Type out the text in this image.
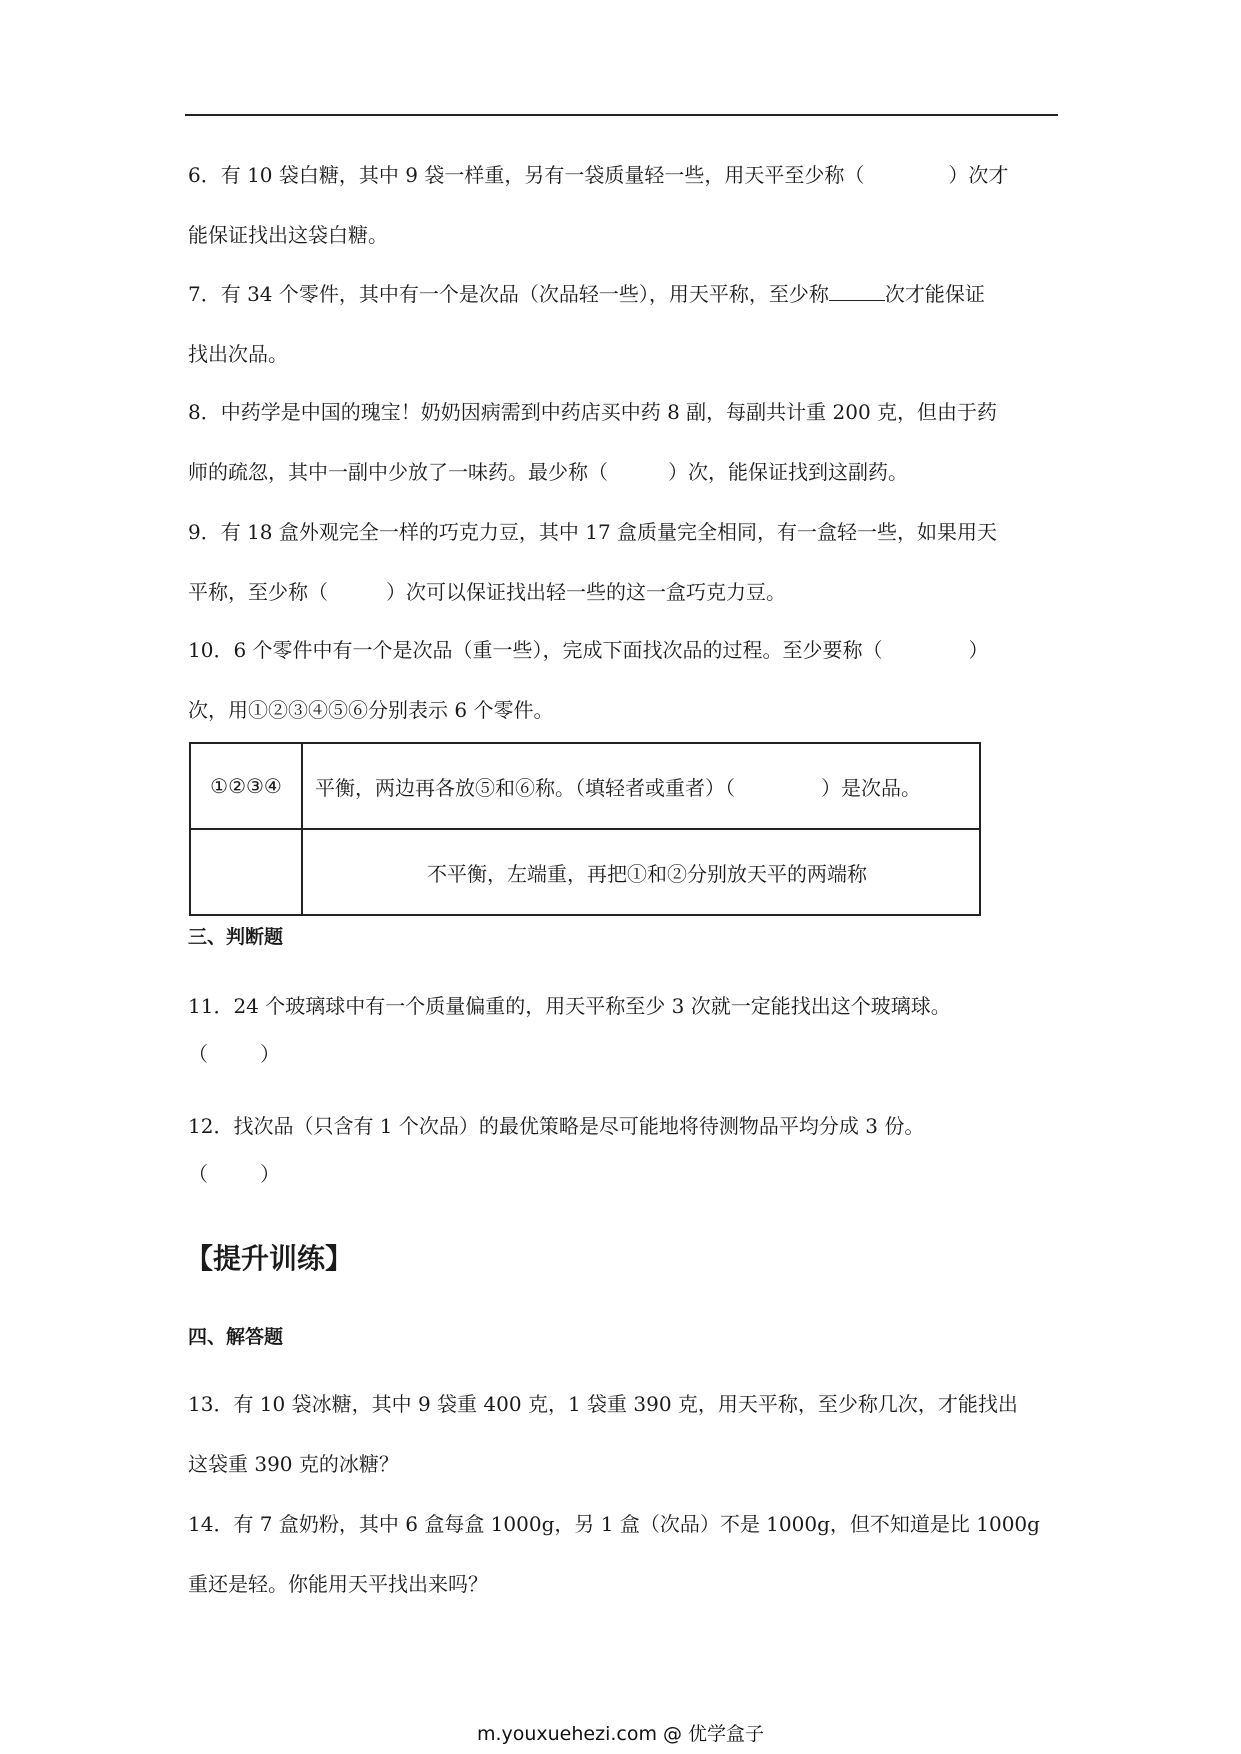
6．有 10 袋白糖，其中 9 袋一样重，另有一袋质量轻一些，用天平至少称（	）次才
能保证找出这袋白糖。
7．有 34 个零件，其中有一个是次品（次品轻一些），用天平称，至少称	次才能保证
找出次品。
8．中药学是中国的瑰宝！奶奶因病需到中药店买中药 8 副，每副共计重 200 克，但由于药
师的疏忽，其中一副中少放了一味药。最少称（	）次，能保证找到这副药。
9．有 18 盒外观完全一样的巧克力豆，其中 17 盒质量完全相同，有一盒轻一些，如果用天
平称，至少称（	）次可以保证找出轻一些的这一盒巧克力豆。
10．6 个零件中有一个是次品（重一些），完成下面找次品的过程。至少要称（	）
次，用①②③④⑤⑥分别表示 6 个零件。
①②③④	平衡，两边再各放⑤和⑥称。（填轻者或重者）（ ）是次品。
	不平衡，左端重，再把①和②分别放天平的两端称
三、判断题
11．24 个玻璃球中有一个质量偏重的，用天平称至少 3 次就一定能找出这个玻璃球。
（	）
12．找次品（只含有 1 个次品）的最优策略是尽可能地将待测物品平均分成 3 份。
（	）
【提升训练】
四、解答题
13．有 10 袋冰糖，其中 9 袋重 400 克，1 袋重 390 克，用天平称，至少称几次，才能找出
这袋重 390 克的冰糖？
14．有 7 盒奶粉，其中 6 盒每盒 1000g，另 1 盒（次品）不是 1000g，但不知道是比 1000g
重还是轻。你能用天平找出来吗？
m.youxuehezi.com @ 优学盒子
